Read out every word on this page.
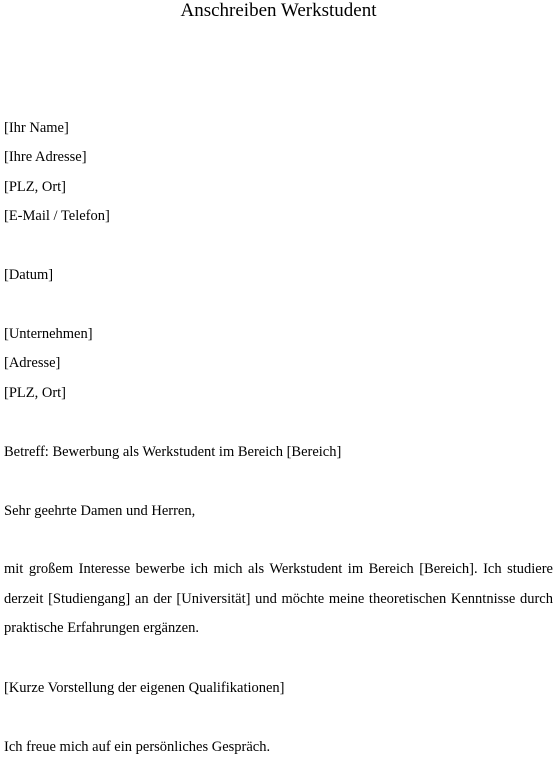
Anschreiben Werkstudent
[Ihr Name]
[Ihre Adresse]
[PLZ, Ort]
[E-Mail / Telefon]
[Datum]
[Unternehmen]
[Adresse]
[PLZ, Ort]
Betreff: Bewerbung als Werkstudent im Bereich [Bereich]
Sehr geehrte Damen und Herren,
mit großem Interesse bewerbe ich mich als Werkstudent im Bereich [Bereich]. Ich studiere
derzeit [Studiengang] an der [Universität] und möchte meine theoretischen Kenntnisse durch
praktische Erfahrungen ergänzen.
[Kurze Vorstellung der eigenen Qualifikationen]
Ich freue mich auf ein persönliches Gespräch.
